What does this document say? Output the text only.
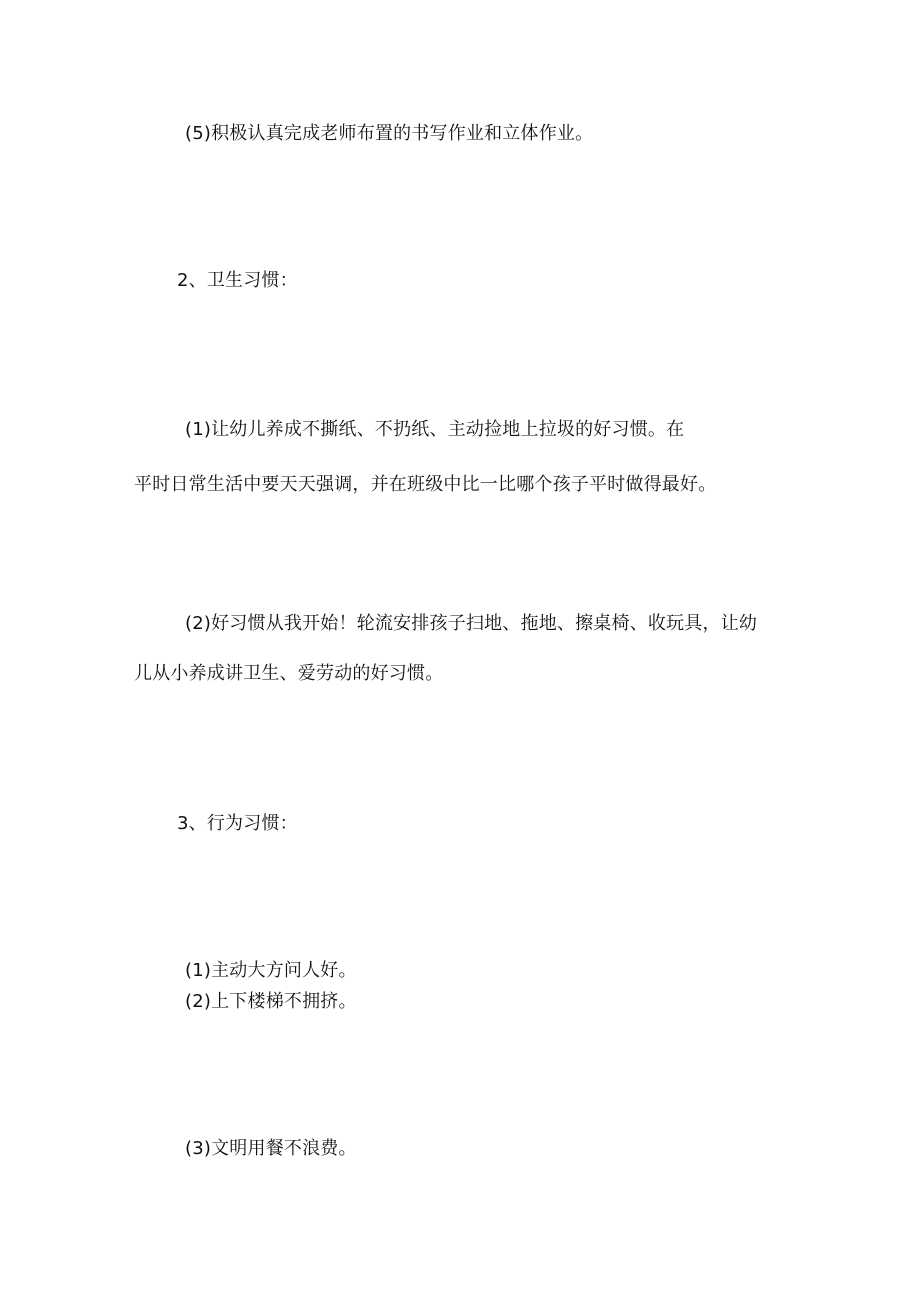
(5)积极认真完成老师布置的书写作业和立体作业。
2、卫生习惯：
(1)让幼儿养成不撕纸、不扔纸、主动捡地上拉圾的好习惯。在
平时日常生活中要天天强调，并在班级中比一比哪个孩子平时做得最好。
(2)好习惯从我开始！轮流安排孩子扫地、拖地、擦桌椅、收玩具，让幼
儿从小养成讲卫生、爱劳动的好习惯。
3、行为习惯：
(1)主动大方问人好。
(2)上下楼梯不拥挤。
(3)文明用餐不浪费。
